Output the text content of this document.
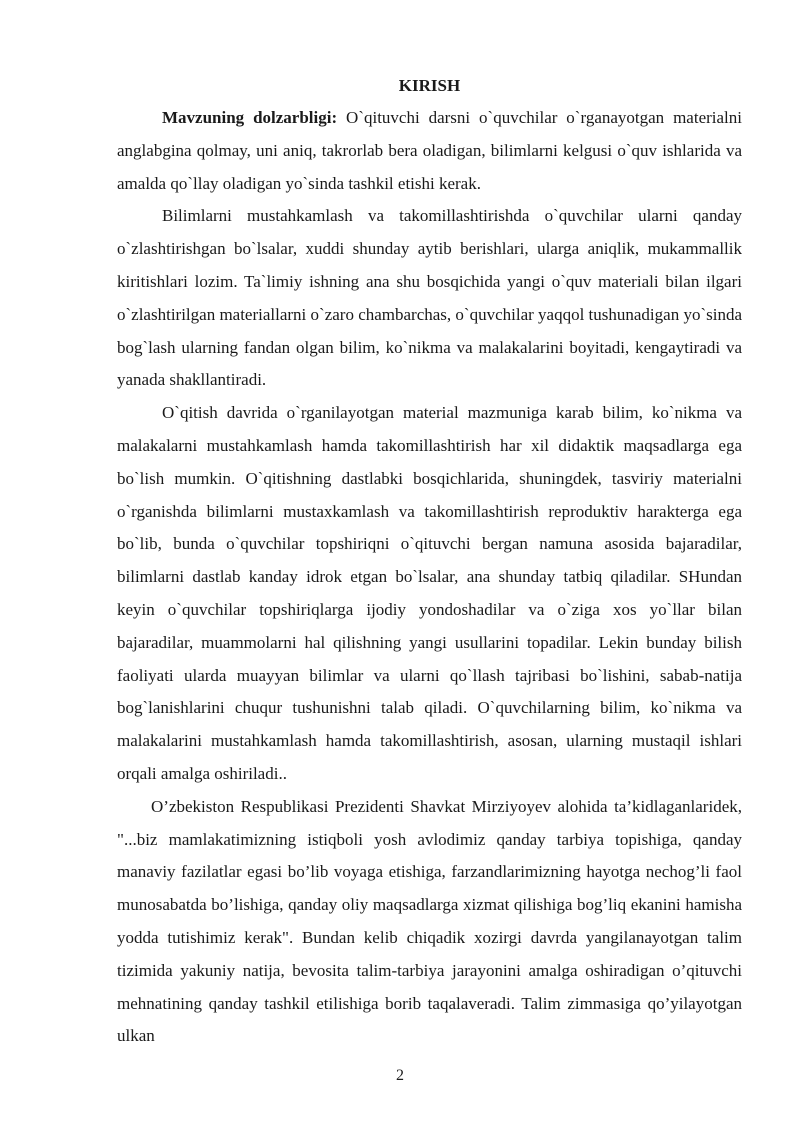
KIRISH

Mavzuning dolzarbligi: O`qituvchi darsni o`quvchilar o`rganayotgan materialni anglabgina qolmay, uni aniq, takrorlab bera oladigan, bilimlarni kelgusi o`quv ishlarida va amalda qo`llay oladigan yo`sinda tashkil etishi kerak.

Bilimlarni mustahkamlash va takomillashtirishda o`quvchilar ularni qanday o`zlashtirishgan bo`lsalar, xuddi shunday aytib berishlari, ularga aniqlik, mukammallik kiritishlari lozim. Ta`limiy ishning ana shu bosqichida yangi o`quv materiali bilan ilgari o`zlashtirilgan materiallarni o`zaro chambarchas, o`quvchilar yaqqol tushunadigan yo`sinda bog`lash ularning fandan olgan bilim, ko`nikma va malakalarini boyitadi, kengaytiradi va yanada shakllantiradi.

O`qitish davrida o`rganilayotgan material mazmuniga karab bilim, ko`nikma va malakalarni mustahkamlash hamda takomillashtirish har xil didaktik maqsadlarga ega bo`lish mumkin. O`qitishning dastlabki bosqichlarida, shuningdek, tasviriy materialni o`rganishda bilimlarni mustaxkamlash va takomillashtirish reproduktiv harakterga ega bo`lib, bunda o`quvchilar topshiriqni o`qituvchi bergan namuna asosida bajaradilar, bilimlarni dastlab kanday idrok etgan bo`lsalar, ana shunday tatbiq qiladilar. SHundan keyin o`quvchilar topshiriqlarga ijodiy yondoshadilar va o`ziga xos yo`llar bilan bajaradilar, muammolarni hal qilishning yangi usullarini topadilar. Lekin bunday bilish faoliyati ularda muayyan bilimlar va ularni qo`llash tajribasi bo`lishini, sabab-natija bog`lanishlarini chuqur tushunishni talab qiladi. O`quvchilarning bilim, ko`nikma va malakalarini mustahkamlash hamda takomillashtirish, asosan, ularning mustaqil ishlari orqali amalga oshiriladi..

O’zbekiston Respublikasi Prezidenti Shavkat Mirziyoyev alohida ta’kidlaganlaridek, "...biz mamlakatimizning istiqboli yosh avlodimiz qanday tarbiya topishiga, qanday manaviy fazilatlar egasi bo’lib voyaga etishiga, farzandlarimizning hayotga nechog’li faol munosabatda bo’lishiga, qanday oliy maqsadlarga xizmat qilishiga bog’liq ekanini hamisha yodda tutishimiz kerak". Bundan kelib chiqadik xozirgi davrda yangilanayotgan talim tizimida yakuniy natija, bevosita talim-tarbiya jarayonini amalga oshiradigan o’qituvchi mehnatining qanday tashkil etilishiga borib taqalaveradi. Talim zimmasiga qo’yilayotgan ulkan

2
